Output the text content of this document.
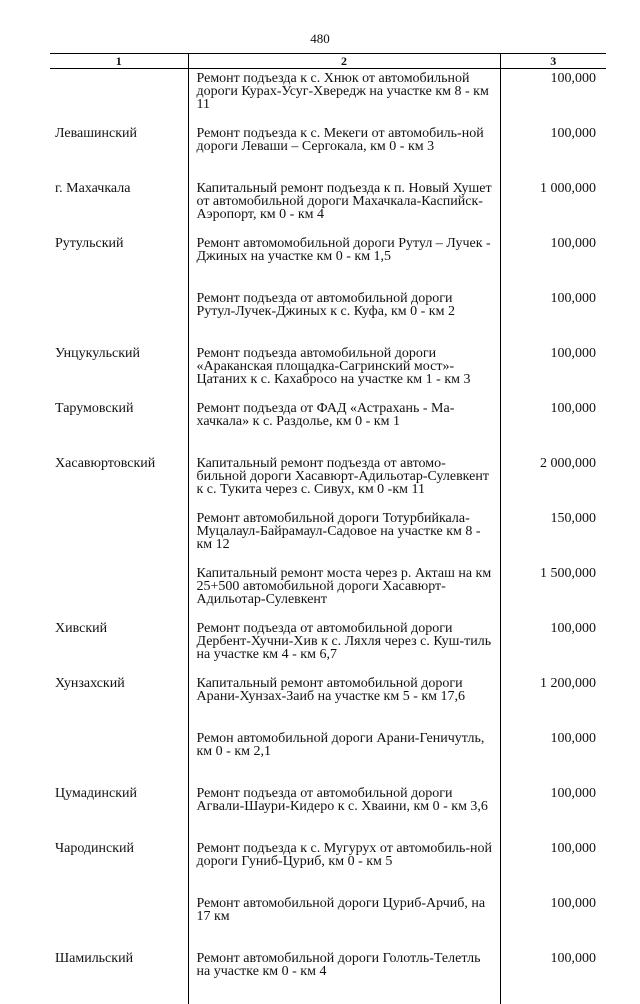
480
1	2	3
	Ремонт подъезда к с. Хнюк от автомобильной дороги Курах-Усуг-Хвередж на участке км 8 - км 11	100,000
Левашинский	Ремонт подъезда к с. Мекеги от автомобиль-ной дороги Леваши – Сергокала, км 0 - км 3	100,000
г. Махачкала	Капитальный ремонт подъезда к п. Новый Хушет от автомобильной дороги Махачкала-Каспийск-Аэропорт, км 0 - км 4	1 000,000
Рутульский	Ремонт автомомобильной дороги Рутул – Лучек - Джиных на участке км 0 - км 1,5	100,000
	Ремонт подъезда от автомобильной дороги Рутул-Лучек-Джиных к с. Куфа, км 0 - км 2	100,000
Унцукульский	Ремонт подъезда автомобильной дороги «Араканская площадка-Сагринский мост»-Цатаних к с. Кахабросо на участке км 1 - км 3	100,000
Тарумовский	Ремонт подъезда от ФАД «Астрахань - Ма-хачкала» к с. Раздолье, км 0 - км 1	100,000
Хасавюртовский	Капитальный ремонт подъезда от автомо-бильной дороги Хасавюрт-Адильотар-Сулевкент к с. Тукита через с. Сивух, км 0 -км 11	2 000,000
	Ремонт автомобильной дороги Тотурбийкала-Муцалаул-Байрамаул-Садовое на участке км 8 - км 12	150,000
	Капитальный ремонт моста через р. Акташ на км 25+500 автомобильной дороги Хасавюрт-Адильотар-Сулевкент	1 500,000
Хивский	Ремонт подъезда от автомобильной дороги Дербент-Хучни-Хив к с. Ляхля через с. Куш-тиль на участке км 4 - км 6,7	100,000
Хунзахский	Капитальный ремонт автомобильной дороги Арани-Хунзах-Заиб на участке км 5 - км 17,6	1 200,000
	Ремон автомобильной дороги Арани-Геничутль, км 0 - км 2,1	100,000
Цумадинский	Ремонт подъезда от автомобильной дороги Агвали-Шаури-Кидеро к с. Хваини, км 0 - км 3,6	100,000
Чародинский	Ремонт подъезда к с. Мугурух от автомобиль-ной дороги Гуниб-Цуриб, км 0 - км 5	100,000
	Ремонт автомобильной дороги Цуриб-Арчиб, на 17 км	100,000
Шамильский	Ремонт автомобильной дороги Голотль-Телетль на участке км 0 - км 4	100,000
